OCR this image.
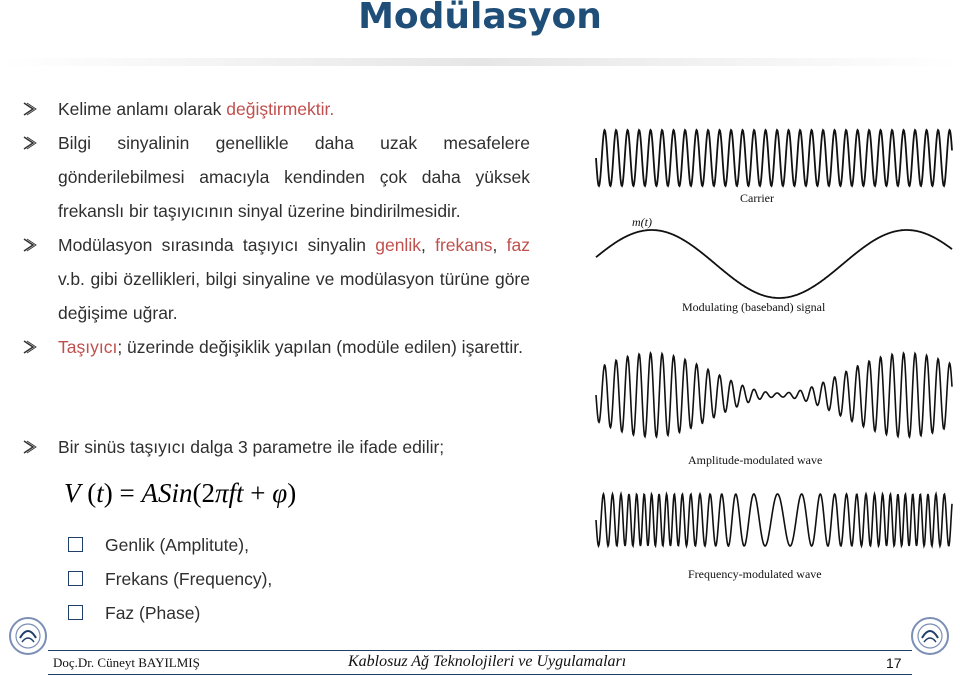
Modülasyon
Kelime anlamı olarak değiştirmektir.
Bilgi sinyalinin genellikle daha uzak mesafelere gönderilebilmesi amacıyla kendinden çok daha yüksek frekanslı bir taşıyıcının sinyal üzerine bindirilmesidir.
Modülasyon sırasında taşıyıcı sinyalin genlik, frekans, faz v.b. gibi özellikleri, bilgi sinyaline ve modülasyon türüne göre değişime uğrar.
Taşıyıcı; üzerinde değişiklik yapılan (modüle edilen) işarettir.
Bir sinüs taşıyıcı dalga 3 parametre ile ifade edilir;
V (t) = ASin(2πft + φ)
Genlik (Amplitute),
Frekans (Frequency),
Faz (Phase)
Carrier
m(t)
Modulating (baseband) signal
Amplitude-modulated wave
Frequency-modulated wave
Doç.Dr. Cüneyt BAYILMIŞ	Kablosuz Ağ Teknolojileri ve Uygulamaları	17
